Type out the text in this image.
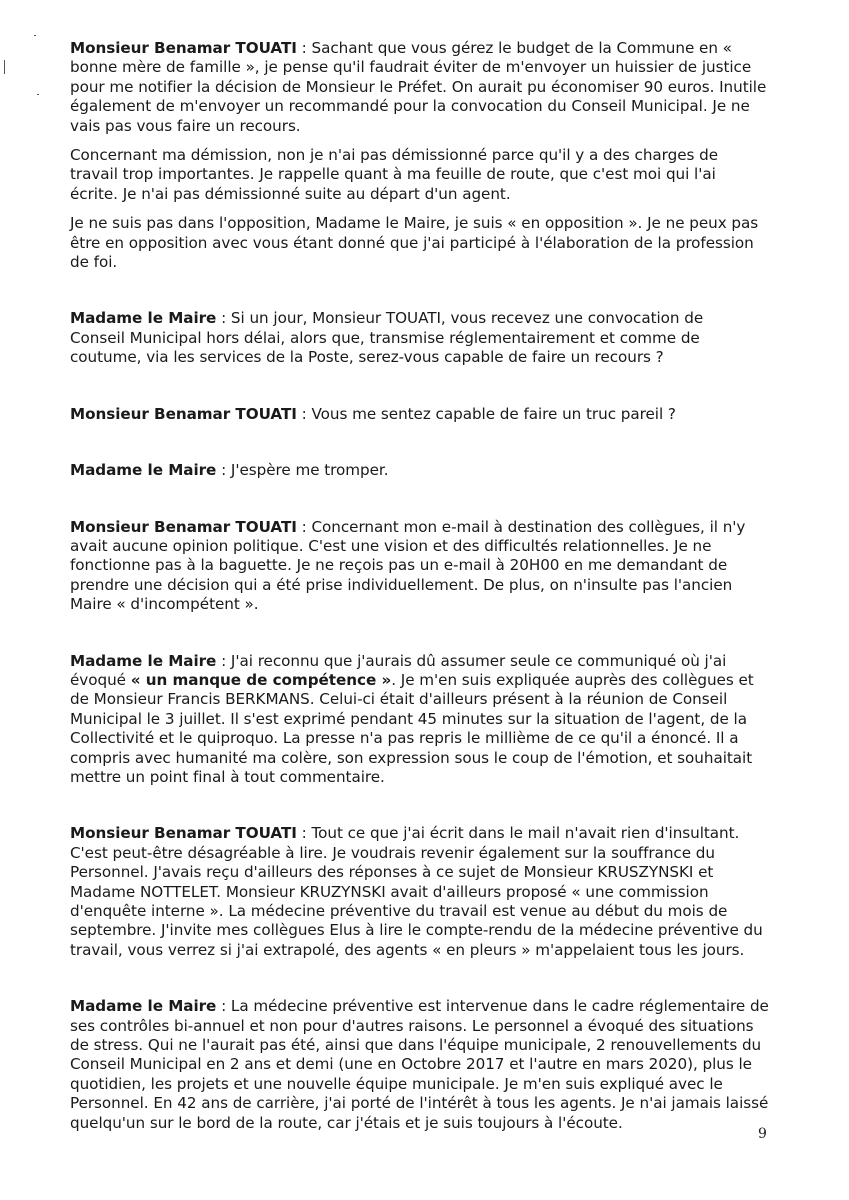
Monsieur Benamar TOUATI : Sachant que vous gérez le budget de la Commune en « bonne mère de famille », je pense qu'il faudrait éviter de m'envoyer un huissier de justice pour me notifier la décision de Monsieur le Préfet. On aurait pu économiser 90 euros. Inutile également de m'envoyer un recommandé pour la convocation du Conseil Municipal. Je ne vais pas vous faire un recours.

Concernant ma démission, non je n'ai pas démissionné parce qu'il y a des charges de travail trop importantes. Je rappelle quant à ma feuille de route, que c'est moi qui l'ai écrite. Je n'ai pas démissionné suite au départ d'un agent.

Je ne suis pas dans l'opposition, Madame le Maire, je suis « en opposition ». Je ne peux pas être en opposition avec vous étant donné que j'ai participé à l'élaboration de la profession de foi.

Madame le Maire : Si un jour, Monsieur TOUATI, vous recevez une convocation de Conseil Municipal hors délai, alors que, transmise réglementairement et comme de coutume, via les services de la Poste, serez-vous capable de faire un recours ?

Monsieur Benamar TOUATI : Vous me sentez capable de faire un truc pareil ?

Madame le Maire : J'espère me tromper.

Monsieur Benamar TOUATI : Concernant mon e-mail à destination des collègues, il n'y avait aucune opinion politique. C'est une vision et des difficultés relationnelles. Je ne fonctionne pas à la baguette. Je ne reçois pas un e-mail à 20H00 en me demandant de prendre une décision qui a été prise individuellement. De plus, on n'insulte pas l'ancien Maire « d'incompétent ».

Madame le Maire : J'ai reconnu que j'aurais dû assumer seule ce communiqué où j'ai évoqué « un manque de compétence ». Je m'en suis expliquée auprès des collègues et de Monsieur Francis BERKMANS. Celui-ci était d'ailleurs présent à la réunion de Conseil Municipal le 3 juillet. Il s'est exprimé pendant 45 minutes sur la situation de l'agent, de la Collectivité et le quiproquo. La presse n'a pas repris le millième de ce qu'il a énoncé. Il a compris avec humanité ma colère, son expression sous le coup de l'émotion, et souhaitait mettre un point final à tout commentaire.

Monsieur Benamar TOUATI : Tout ce que j'ai écrit dans le mail n'avait rien d'insultant. C'est peut-être désagréable à lire. Je voudrais revenir également sur la souffrance du Personnel. J'avais reçu d'ailleurs des réponses à ce sujet de Monsieur KRUSZYNSKI et Madame NOTTELET. Monsieur KRUZYNSKI avait d'ailleurs proposé « une commission d'enquête interne ». La médecine préventive du travail est venue au début du mois de septembre. J'invite mes collègues Elus à lire le compte-rendu de la médecine préventive du travail, vous verrez si j'ai extrapolé, des agents « en pleurs » m'appelaient tous les jours.

Madame le Maire : La médecine préventive est intervenue dans le cadre réglementaire de ses contrôles bi-annuel et non pour d'autres raisons. Le personnel a évoqué des situations de stress. Qui ne l'aurait pas été, ainsi que dans l'équipe municipale, 2 renouvellements du Conseil Municipal en 2 ans et demi (une en Octobre 2017 et l'autre en mars 2020), plus le quotidien, les projets et une nouvelle équipe municipale. Je m'en suis expliqué avec le Personnel. En 42 ans de carrière, j'ai porté de l'intérêt à tous les agents. Je n'ai jamais laissé quelqu'un sur le bord de la route, car j'étais et je suis toujours à l'écoute.

9
